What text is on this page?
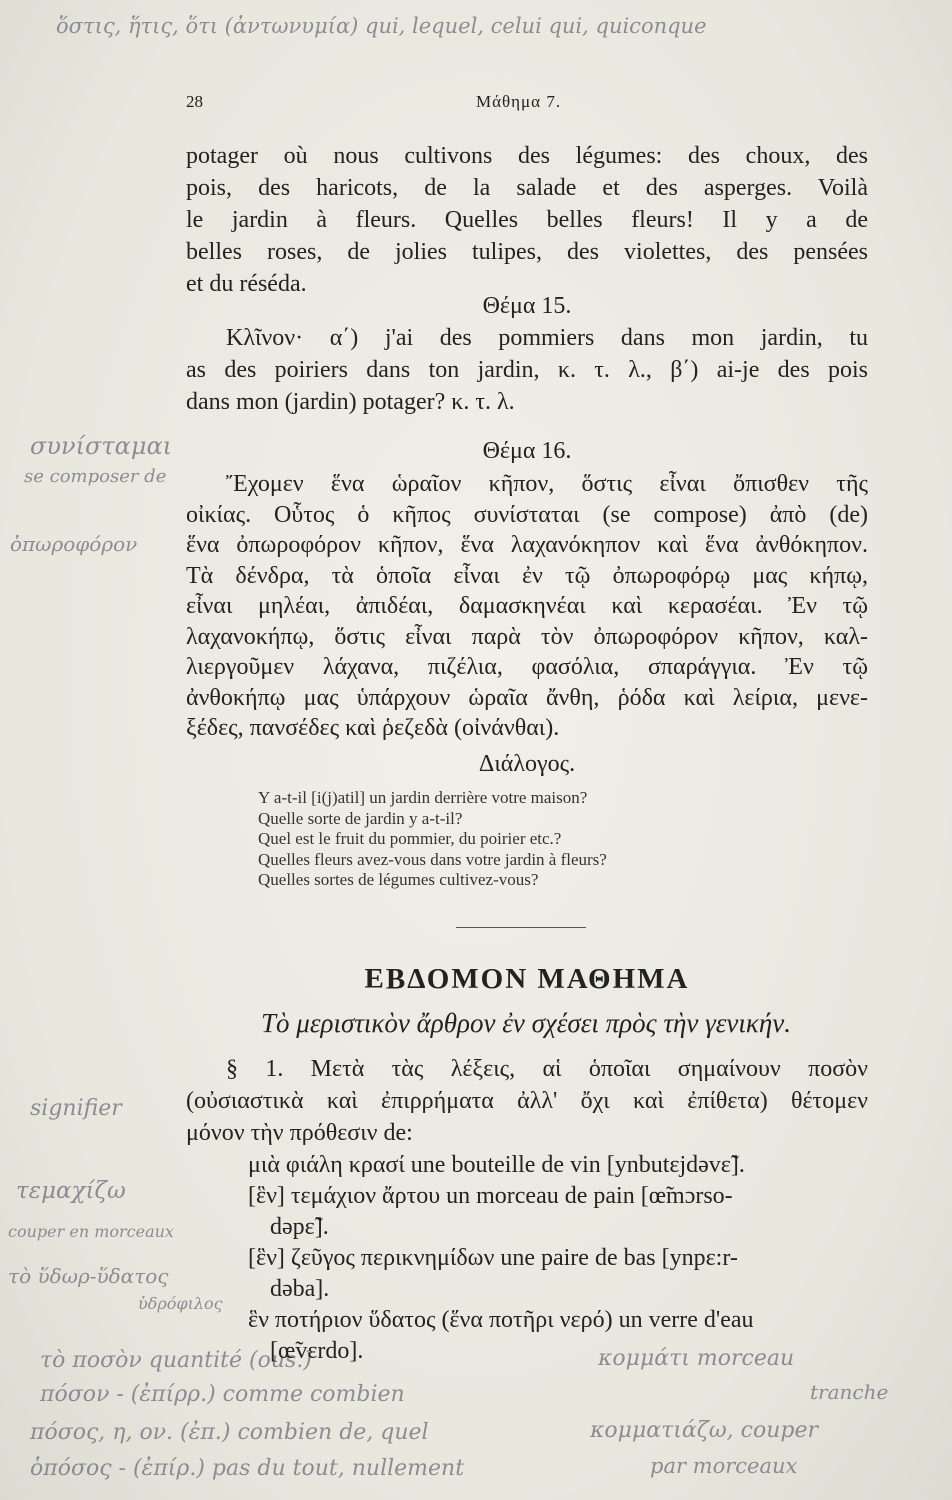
ὅστις, ἥτις, ὅτι (ἀντωνυμία) qui, lequel, celui qui, quiconque
συνίσταμαι
se composer de
ὀπωροφόρον
signifier
τεμαχίζω
couper en morceaux
τὸ ὕδωρ-ὕδατος
ὑδρόφιλος
τὸ ποσὸν quantité (ous.)
πόσον - (ἐπίρρ.) comme combien
πόσος, η, ον. (ἐπ.) combien de, quel
ὁπόσος - (ἐπίρ.) pas du tout, nullement
κομμάτι morceau
tranche
κομματιάζω, couper
par morceaux
28	Μάθημα 7.
potager où nous cultivons des légumes: des choux, des
pois, des haricots, de la salade et des asperges. Voilà
le jardin à fleurs. Quelles belles fleurs! Il y a de
belles roses, de jolies tulipes, des violettes, des pensées
et du réséda.
Θέμα 15.
Κλῖνον· α΄) j'ai des pommiers dans mon jardin, tu
as des poiriers dans ton jardin, κ. τ. λ., β΄) ai-je des pois
dans mon (jardin) potager? κ. τ. λ.
Θέμα 16.
Ἔχομεν ἕνα ὡραῖον κῆπον, ὅστις εἶναι ὄπισθεν τῆς
οἰκίας. Οὗτος ὁ κῆπος συνίσταται (se compose) ἀπὸ (de)
ἕνα ὀπωροφόρον κῆπον, ἕνα λαχανόκηπον καὶ ἕνα ἀνθόκηπον.
Τὰ δένδρα, τὰ ὁποῖα εἶναι ἐν τῷ ὀπωροφόρῳ μας κήπῳ,
εἶναι μηλέαι, ἀπιδέαι, δαμασκηνέαι καὶ κερασέαι. Ἐν τῷ
λαχανοκήπῳ, ὅστις εἶναι παρὰ τὸν ὀπωροφόρον κῆπον, καλ-
λιεργοῦμεν λάχανα, πιζέλια, φασόλια, σπαράγγια. Ἐν τῷ
ἀνθοκήπῳ μας ὑπάρχουν ὡραῖα ἄνθη, ῥόδα καὶ λείρια, μενε-
ξέδες, πανσέδες καὶ ῥεζεδὰ (οἰνάνθαι).
Διάλογος.
Y a-t-il [i(j)atil] un jardin derrière votre maison?
Quelle sorte de jardin y a-t-il?
Quel est le fruit du pommier, du poirier etc.?
Quelles fleurs avez-vous dans votre jardin à fleurs?
Quelles sortes de légumes cultivez-vous?
ΕΒΔΟΜΟΝ ΜΑΘΗΜΑ
Τὸ μεριστικὸν ἄρθρον ἐν σχέσει πρὸς τὴν γενικήν.
§ 1. Μετὰ τὰς λέξεις, αἱ ὁποῖαι σημαίνουν ποσὸν
(οὐσιαστικὰ καὶ ἐπιρρήματα ἀλλ' ὄχι καὶ ἐπίθετα) θέτομεν
μόνον τὴν πρόθεσιν de:
μιὰ φιάλη κρασί une bouteille de vin [ynbutεjdəvε̃].
[ἓν] τεμάχιον ἄρτου un morceau de pain [œ̃mɔrso-
dəpε̃].
[ἓν] ζεῦγος περικνημίδων une paire de bas [ynpε:r-
dəba].
ἓν ποτήριον ὕδατος (ἕνα ποτῆρι νερό) un verre d'eau
[œ̃vεrdo].
